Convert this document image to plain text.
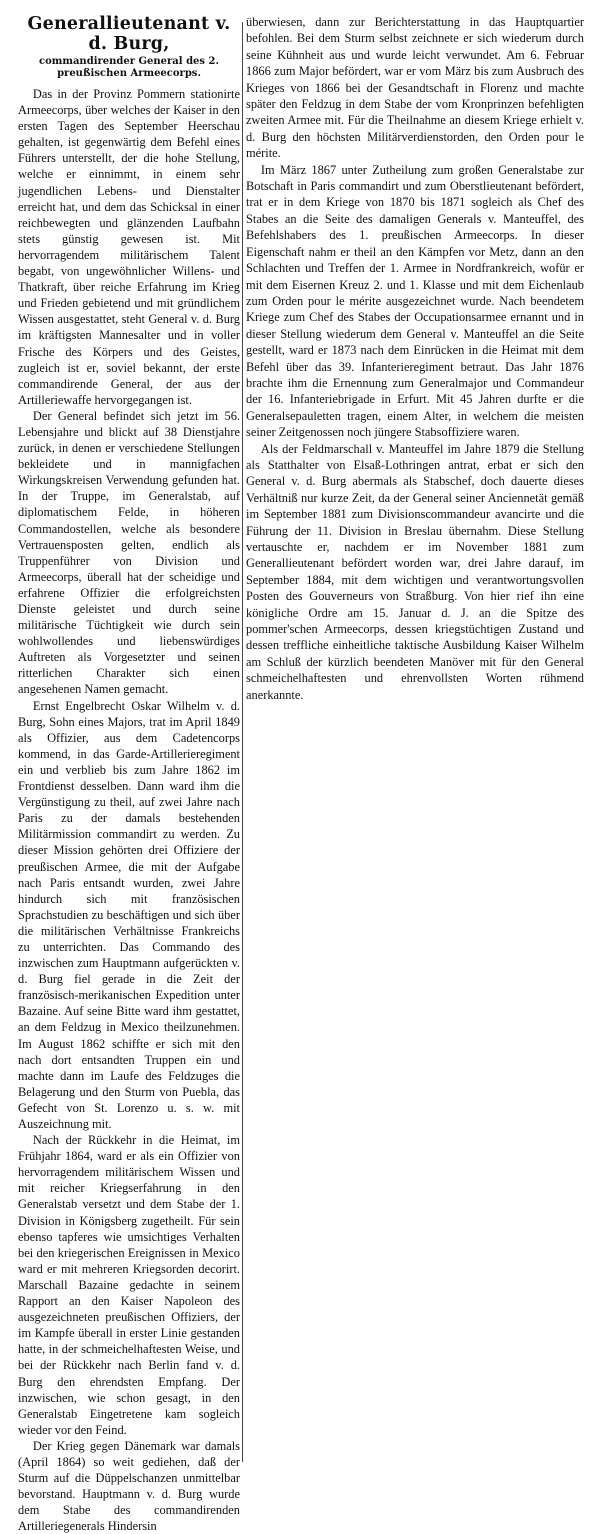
Generallieutenant v. d. Burg,
commandirender General des 2. preußischen Armeecorps.

Das in der Provinz Pommern stationirte Armeecorps, über welches der Kaiser in den ersten Tagen des September Heerschau gehalten, ist gegenwärtig dem Befehl eines Führers unterstellt, der die hohe Stellung, welche er einnimmt, in einem sehr jugendlichen Lebens- und Dienstalter erreicht hat, und dem das Schicksal in einer reichbewegten und glänzenden Laufbahn stets günstig gewesen ist. Mit hervorragendem militärischem Talent begabt, von ungewöhnlicher Willens- und Thatkraft, über reiche Erfahrung im Krieg und Frieden gebietend und mit gründlichem Wissen ausgestattet, steht General v. d. Burg im kräftigsten Mannesalter und in voller Frische des Körpers und des Geistes, zugleich ist er, soviel bekannt, der erste commandirende General, der aus der Artilleriewaffe hervorgegangen ist.

Der General befindet sich jetzt im 56. Lebensjahre und blickt auf 38 Dienstjahre zurück, in denen er verschiedene Stellungen bekleidete und in mannigfachen Wirkungskreisen Verwendung gefunden hat. In der Truppe, im Generalstab, auf diplomatischem Felde, in höheren Commandostellen, welche als besondere Vertrauensposten gelten, endlich als Truppenführer von Division und Armeecorps, überall hat der scheidige und erfahrene Offizier die erfolgreichsten Dienste geleistet und durch seine militärische Tüchtigkeit wie durch sein wohlwollendes und liebenswürdiges Auftreten als Vorgesetzter und seinen ritterlichen Charakter sich einen angesehenen Namen gemacht.

Ernst Engelbrecht Oskar Wilhelm v. d. Burg, Sohn eines Majors, trat im April 1849 als Offizier, aus dem Cadetencorps kommend, in das Garde-Artillerieregiment ein und verblieb bis zum Jahre 1862 im Frontdienst desselben. Dann ward ihm die Vergünstigung zu theil, auf zwei Jahre nach Paris zu der damals bestehenden Militärmission commandirt zu werden. Zu dieser Mission gehörten drei Offiziere der preußischen Armee, die mit der Aufgabe nach Paris entsandt wurden, zwei Jahre hindurch sich mit französischen Sprachstudien zu beschäftigen und sich über die militärischen Verhältnisse Frankreichs zu unterrichten. Das Commando des inzwischen zum Hauptmann aufgerückten v. d. Burg fiel gerade in die Zeit der französisch-merikanischen Expedition unter Bazaine. Auf seine Bitte ward ihm gestattet, an dem Feldzug in Mexico theilzunehmen. Im August 1862 schiffte er sich mit den nach dort entsandten Truppen ein und machte dann im Laufe des Feldzuges die Belagerung und den Sturm von Puebla, das Gefecht von St. Lorenzo u. s. w. mit Auszeichnung mit.

Nach der Rückkehr in die Heimat, im Frühjahr 1864, ward er als ein Offizier von hervorragendem militärischem Wissen und mit reicher Kriegserfahrung in den Generalstab versetzt und dem Stabe der 1. Division in Königsberg zugetheilt. Für sein ebenso tapferes wie umsichtiges Verhalten bei den kriegerischen Ereignissen in Mexico ward er mit mehreren Kriegsorden decorirt. Marschall Bazaine gedachte in seinem Rapport an den Kaiser Napoleon des ausgezeichneten preußischen Offiziers, der im Kampfe überall in erster Linie gestanden hatte, in der schmeichelhaftesten Weise, und bei der Rückkehr nach Berlin fand v. d. Burg den ehrendsten Empfang. Der inzwischen, wie schon gesagt, in den Generalstab Eingetretene kam sogleich wieder vor den Feind.

Der Krieg gegen Dänemark war damals (April 1864) so weit gediehen, daß der Sturm auf die Düppelschanzen unmittelbar bevorstand. Hauptmann v. d. Burg wurde dem Stabe des commandirenden Artilleriegenerals Hindersin

überwiesen, dann zur Berichterstattung in das Hauptquartier befohlen. Bei dem Sturm selbst zeichnete er sich wiederum durch seine Kühnheit aus und wurde leicht verwundet. Am 6. Februar 1866 zum Major befördert, war er vom März bis zum Ausbruch des Krieges von 1866 bei der Gesandtschaft in Florenz und machte später den Feldzug in dem Stabe der vom Kronprinzen befehligten zweiten Armee mit. Für die Theilnahme an diesem Kriege erhielt v. d. Burg den höchsten Militärverdienstorden, den Orden pour le mérite.

Im März 1867 unter Zutheilung zum großen Generalstabe zur Botschaft in Paris commandirt und zum Oberstlieutenant befördert, trat er in dem Kriege von 1870 bis 1871 sogleich als Chef des Stabes an die Seite des damaligen Generals v. Manteuffel, des Befehlshabers des 1. preußischen Armeecorps. In dieser Eigenschaft nahm er theil an den Kämpfen vor Metz, dann an den Schlachten und Treffen der 1. Armee in Nordfrankreich, wofür er mit dem Eisernen Kreuz 2. und 1. Klasse und mit dem Eichenlaub zum Orden pour le mérite ausgezeichnet wurde. Nach beendetem Kriege zum Chef des Stabes der Occupationsarmee ernannt und in dieser Stellung wiederum dem General v. Manteuffel an die Seite gestellt, ward er 1873 nach dem Einrücken in die Heimat mit dem Befehl über das 39. Infanterieregiment betraut. Das Jahr 1876 brachte ihm die Ernennung zum Generalmajor und Commandeur der 16. Infanteriebrigade in Erfurt. Mit 45 Jahren durfte er die Generalsepauletten tragen, einem Alter, in welchem die meisten seiner Zeitgenossen noch jüngere Stabsoffiziere waren.

Als der Feldmarschall v. Manteuffel im Jahre 1879 die Stellung als Statthalter von Elsaß-Lothringen antrat, erbat er sich den General v. d. Burg abermals als Stabschef, doch dauerte dieses Verhältniß nur kurze Zeit, da der General seiner Anciennetät gemäß im September 1881 zum Divisionscommandeur avancirte und die Führung der 11. Division in Breslau übernahm. Diese Stellung vertauschte er, nachdem er im November 1881 zum Generallieutenant befördert worden war, drei Jahre darauf, im September 1884, mit dem wichtigen und verantwortungsvollen Posten des Gouverneurs von Straßburg. Von hier rief ihn eine königliche Ordre am 15. Januar d. J. an die Spitze des pommer'schen Armeecorps, dessen kriegstüchtigen Zustand und dessen treffliche einheitliche taktische Ausbildung Kaiser Wilhelm am Schluß der kürzlich beendeten Manöver mit für den General schmeichelhaftesten und ehrenvollsten Worten rühmend anerkannte.
